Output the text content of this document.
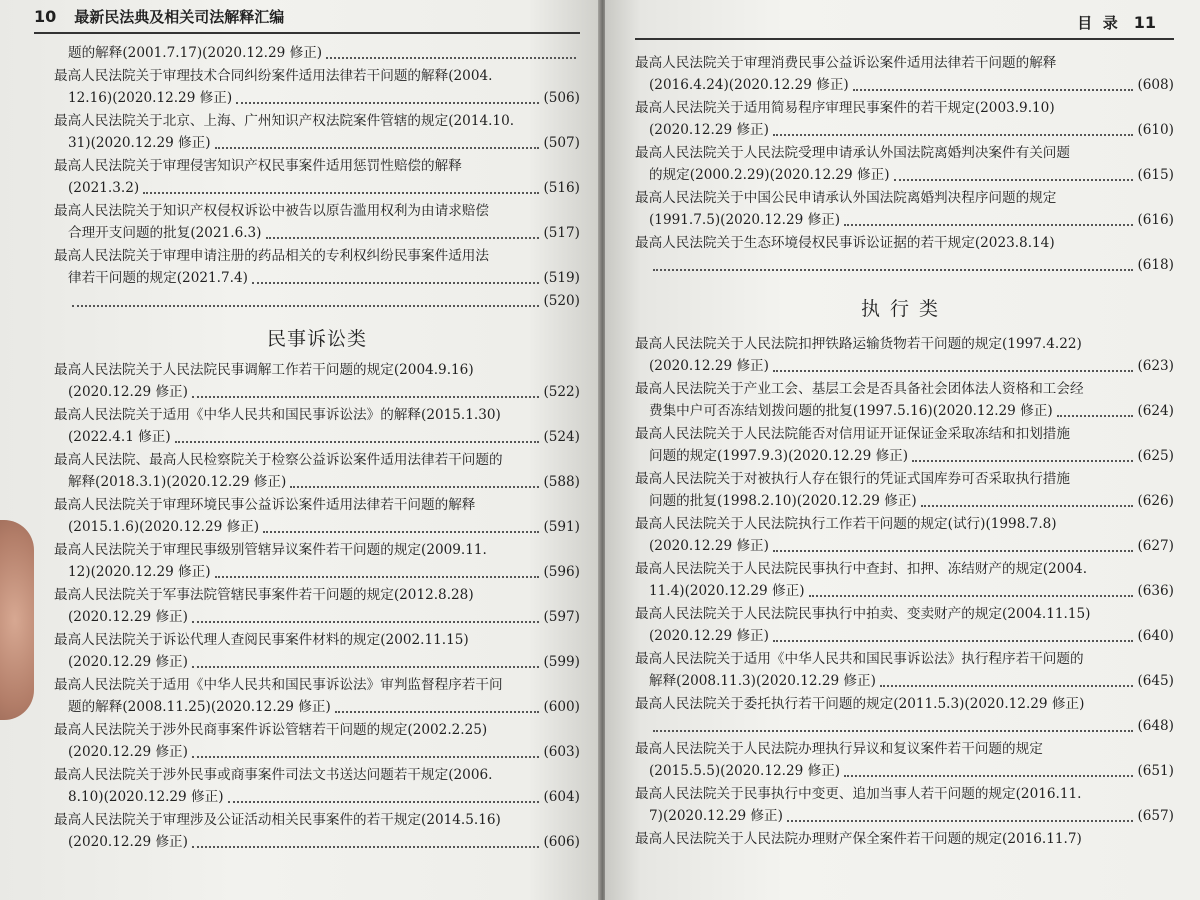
10 最新民法典及相关司法解释汇编
题的解释(2001.7.17)(2020.12.29 修正)
最高人民法院关于审理技术合同纠纷案件适用法律若干问题的解释(2004.
12.16)(2020.12.29 修正)	(506)
最高人民法院关于北京、上海、广州知识产权法院案件管辖的规定(2014.10.
31)(2020.12.29 修正)	(507)
最高人民法院关于审理侵害知识产权民事案件适用惩罚性赔偿的解释
(2021.3.2)	(516)
最高人民法院关于知识产权侵权诉讼中被告以原告滥用权利为由请求赔偿
合理开支问题的批复(2021.6.3)	(517)
最高人民法院关于审理申请注册的药品相关的专利权纠纷民事案件适用法
律若干问题的规定(2021.7.4)	(519)
(520)
民事诉讼类
最高人民法院关于人民法院民事调解工作若干问题的规定(2004.9.16)
(2020.12.29 修正)	(522)
最高人民法院关于适用《中华人民共和国民事诉讼法》的解释(2015.1.30)
(2022.4.1 修正)	(524)
最高人民法院、最高人民检察院关于检察公益诉讼案件适用法律若干问题的
解释(2018.3.1)(2020.12.29 修正)	(588)
最高人民法院关于审理环境民事公益诉讼案件适用法律若干问题的解释
(2015.1.6)(2020.12.29 修正)	(591)
最高人民法院关于审理民事级别管辖异议案件若干问题的规定(2009.11.
12)(2020.12.29 修正)	(596)
最高人民法院关于军事法院管辖民事案件若干问题的规定(2012.8.28)
(2020.12.29 修正)	(597)
最高人民法院关于诉讼代理人查阅民事案件材料的规定(2002.11.15)
(2020.12.29 修正)	(599)
最高人民法院关于适用《中华人民共和国民事诉讼法》审判监督程序若干问
题的解释(2008.11.25)(2020.12.29 修正)	(600)
最高人民法院关于涉外民商事案件诉讼管辖若干问题的规定(2002.2.25)
(2020.12.29 修正)	(603)
最高人民法院关于涉外民事或商事案件司法文书送达问题若干规定(2006.
8.10)(2020.12.29 修正)	(604)
最高人民法院关于审理涉及公证活动相关民事案件的若干规定(2014.5.16)
(2020.12.29 修正)	(606)
目  录 11
最高人民法院关于审理消费民事公益诉讼案件适用法律若干问题的解释
(2016.4.24)(2020.12.29 修正)	(608)
最高人民法院关于适用简易程序审理民事案件的若干规定(2003.9.10)
(2020.12.29 修正)	(610)
最高人民法院关于人民法院受理申请承认外国法院离婚判决案件有关问题
的规定(2000.2.29)(2020.12.29 修正)	(615)
最高人民法院关于中国公民申请承认外国法院离婚判决程序问题的规定
(1991.7.5)(2020.12.29 修正)	(616)
最高人民法院关于生态环境侵权民事诉讼证据的若干规定(2023.8.14)
(618)
执行类
最高人民法院关于人民法院扣押铁路运输货物若干问题的规定(1997.4.22)
(2020.12.29 修正)	(623)
最高人民法院关于产业工会、基层工会是否具备社会团体法人资格和工会经
费集中户可否冻结划拨问题的批复(1997.5.16)(2020.12.29 修正)	(624)
最高人民法院关于人民法院能否对信用证开证保证金采取冻结和扣划措施
问题的规定(1997.9.3)(2020.12.29 修正)	(625)
最高人民法院关于对被执行人存在银行的凭证式国库券可否采取执行措施
问题的批复(1998.2.10)(2020.12.29 修正)	(626)
最高人民法院关于人民法院执行工作若干问题的规定(试行)(1998.7.8)
(2020.12.29 修正)	(627)
最高人民法院关于人民法院民事执行中查封、扣押、冻结财产的规定(2004.
11.4)(2020.12.29 修正)	(636)
最高人民法院关于人民法院民事执行中拍卖、变卖财产的规定(2004.11.15)
(2020.12.29 修正)	(640)
最高人民法院关于适用《中华人民共和国民事诉讼法》执行程序若干问题的
解释(2008.11.3)(2020.12.29 修正)	(645)
最高人民法院关于委托执行若干问题的规定(2011.5.3)(2020.12.29 修正)
(648)
最高人民法院关于人民法院办理执行异议和复议案件若干问题的规定
(2015.5.5)(2020.12.29 修正)	(651)
最高人民法院关于民事执行中变更、追加当事人若干问题的规定(2016.11.
7)(2020.12.29 修正)	(657)
最高人民法院关于人民法院办理财产保全案件若干问题的规定(2016.11.7)
